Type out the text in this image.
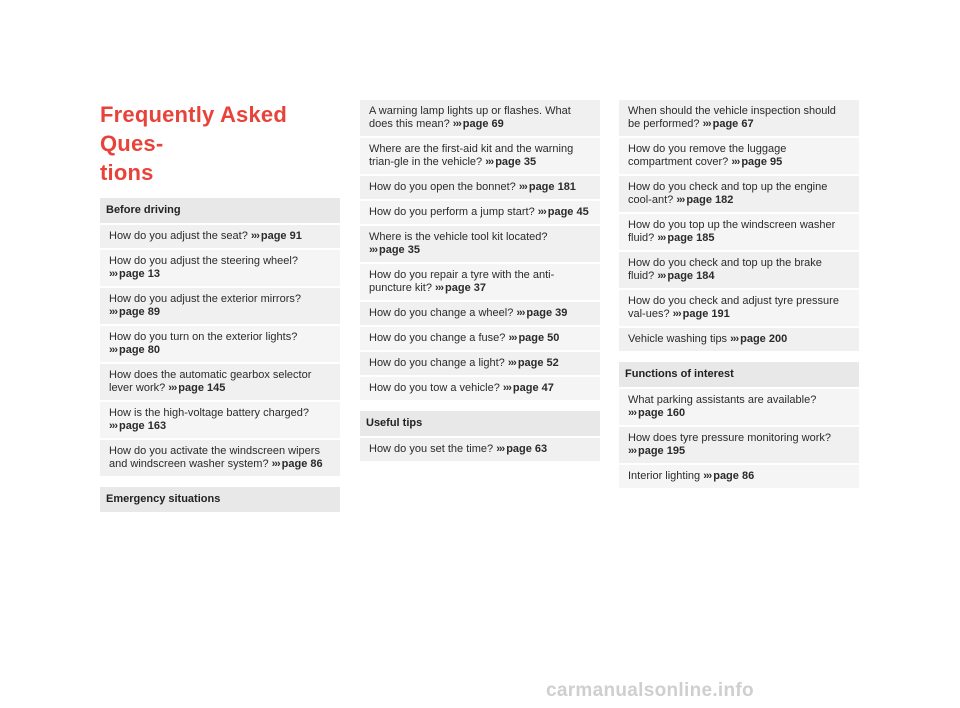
Frequently Asked Ques-
tions
Before driving
How do you adjust the seat? ››› page 91
How do you adjust the steering wheel? ››› page 13
How do you adjust the exterior mirrors? ››› page 89
How do you turn on the exterior lights? ››› page 80
How does the automatic gearbox selector lever work? ››› page 145
How is the high-voltage battery charged? ››› page 163
How do you activate the windscreen wipers and windscreen washer system? ››› page 86
Emergency situations
A warning lamp lights up or flashes. What does this mean? ››› page 69
Where are the first-aid kit and the warning trian-gle in the vehicle? ››› page 35
How do you open the bonnet? ››› page 181
How do you perform a jump start? ››› page 45
Where is the vehicle tool kit located? ››› page 35
How do you repair a tyre with the anti-puncture kit? ››› page 37
How do you change a wheel? ››› page 39
How do you change a fuse? ››› page 50
How do you change a light? ››› page 52
How do you tow a vehicle? ››› page 47
Useful tips
How do you set the time? ››› page 63
When should the vehicle inspection should be performed? ››› page 67
How do you remove the luggage compartment cover? ››› page 95
How do you check and top up the engine cool-ant? ››› page 182
How do you top up the windscreen washer fluid? ››› page 185
How do you check and top up the brake fluid? ››› page 184
How do you check and adjust tyre pressure val-ues? ››› page 191
Vehicle washing tips ››› page 200
Functions of interest
What parking assistants are available? ››› page 160
How does tyre pressure monitoring work? ››› page 195
Interior lighting ››› page 86
carmanualsonline.info
